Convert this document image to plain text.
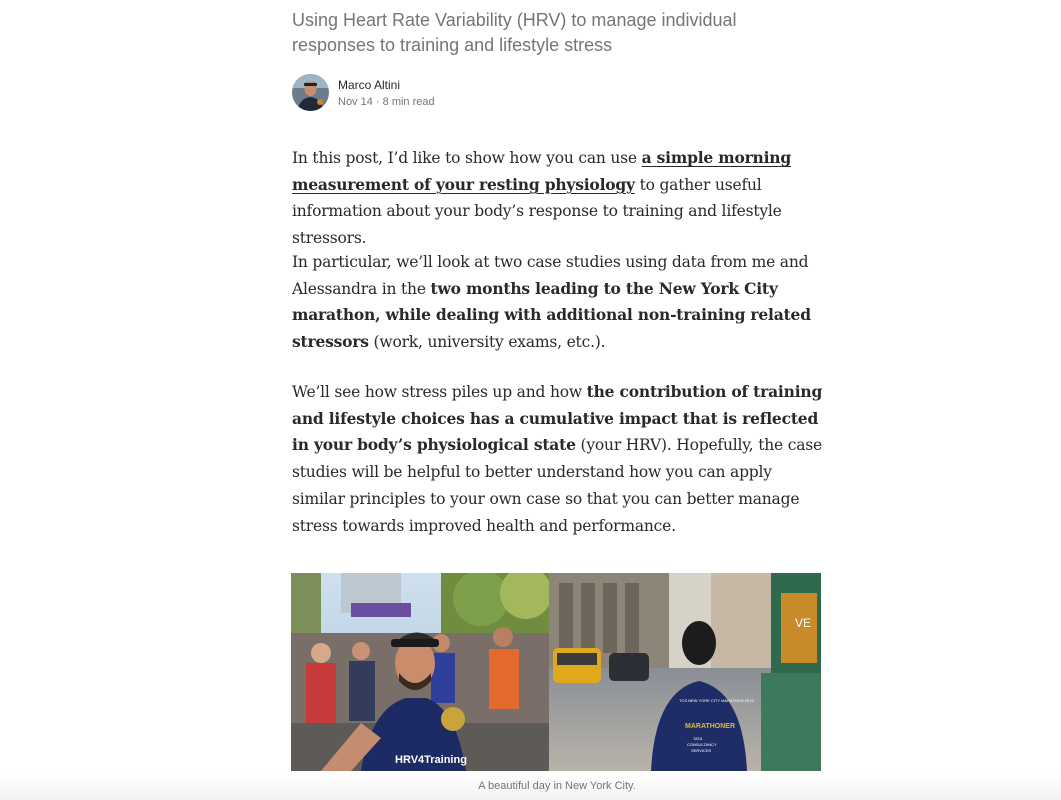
Using Heart Rate Variability (HRV) to manage individual responses to training and lifestyle stress

Marco Altini
Nov 14 · 8 min read

In this post, I’d like to show how you can use a simple morning measurement of your resting physiology to gather useful information about your body’s response to training and lifestyle stressors.

In particular, we’ll look at two case studies using data from me and Alessandra in the two months leading to the New York City marathon, while dealing with additional non-training related stressors (work, university exams, etc.).

We’ll see how stress piles up and how the contribution of training and lifestyle choices has a cumulative impact that is reflected in your body’s physiological state (your HRV). Hopefully, the case studies will be helpful to better understand how you can apply similar principles to your own case so that you can better manage stress towards improved health and performance.

HRV4Training
VE
TCS NEW YORK CITY MARATHON 2019
MARATHONER
TATA
CONSULTANCY
SERVICES
A beautiful day in New York City.
